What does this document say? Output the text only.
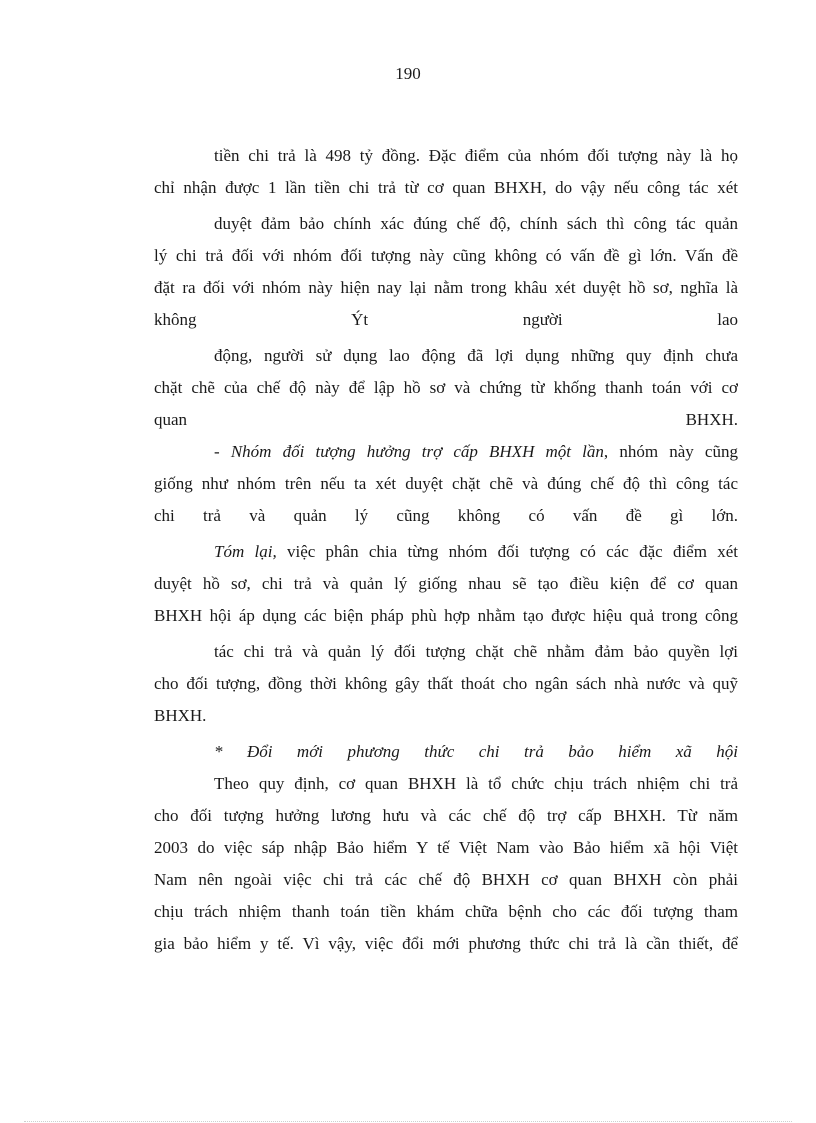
190
tiền chi trả là 498 tỷ đồng. Đặc điểm của nhóm đối tượng này là họ
chỉ nhận được 1 lần tiền chi trả từ cơ quan BHXH, do vậy nếu công tác xét
duyệt đảm bảo chính xác đúng chế độ, chính sách thì công tác quản
lý chi trả đối với nhóm đối tượng này cũng không có vấn đề gì lớn. Vấn đề
đặt ra đối với nhóm này hiện nay lại nằm trong khâu xét duyệt hồ sơ, nghĩa là
không Ýt người lao
động, người sử dụng lao động đã lợi dụng những quy định chưa
chặt chẽ của chế độ này để lập hồ sơ và chứng từ khống thanh toán với cơ
quan BHXH.
- Nhóm đối tượng hưởng trợ cấp BHXH một lần, nhóm này cũng
giống như nhóm trên nếu ta xét duyệt chặt chẽ và đúng chế độ thì công tác
chi trả và quản lý cũng không có vấn đề gì lớn.
Tóm lại, việc phân chia từng nhóm đối tượng có các đặc điểm xét
duyệt hồ sơ, chi trả và quản lý giống nhau sẽ tạo điều kiện để cơ quan
BHXH hội áp dụng các biện pháp phù hợp nhằm tạo được hiệu quả trong công
tác chi trả và quản lý đối tượng chặt chẽ nhằm đảm bảo quyền lợi
cho đối tượng, đồng thời không gây thất thoát cho ngân sách nhà nước và quỹ
BHXH.
* Đổi mới phương thức chi trả bảo hiểm xã hội
Theo quy định, cơ quan BHXH là tổ chức chịu trách nhiệm chi trả
cho đối tượng hưởng lương hưu và các chế độ trợ cấp BHXH. Từ năm
2003 do việc sáp nhập Bảo hiểm Y tế Việt Nam vào Bảo hiểm xã hội Việt
Nam nên ngoài việc chi trả các chế độ BHXH cơ quan BHXH còn phải
chịu trách nhiệm thanh toán tiền khám chữa bệnh cho các đối tượng tham
gia bảo hiểm y tế. Vì vậy, việc đổi mới phương thức chi trả là cần thiết, để
